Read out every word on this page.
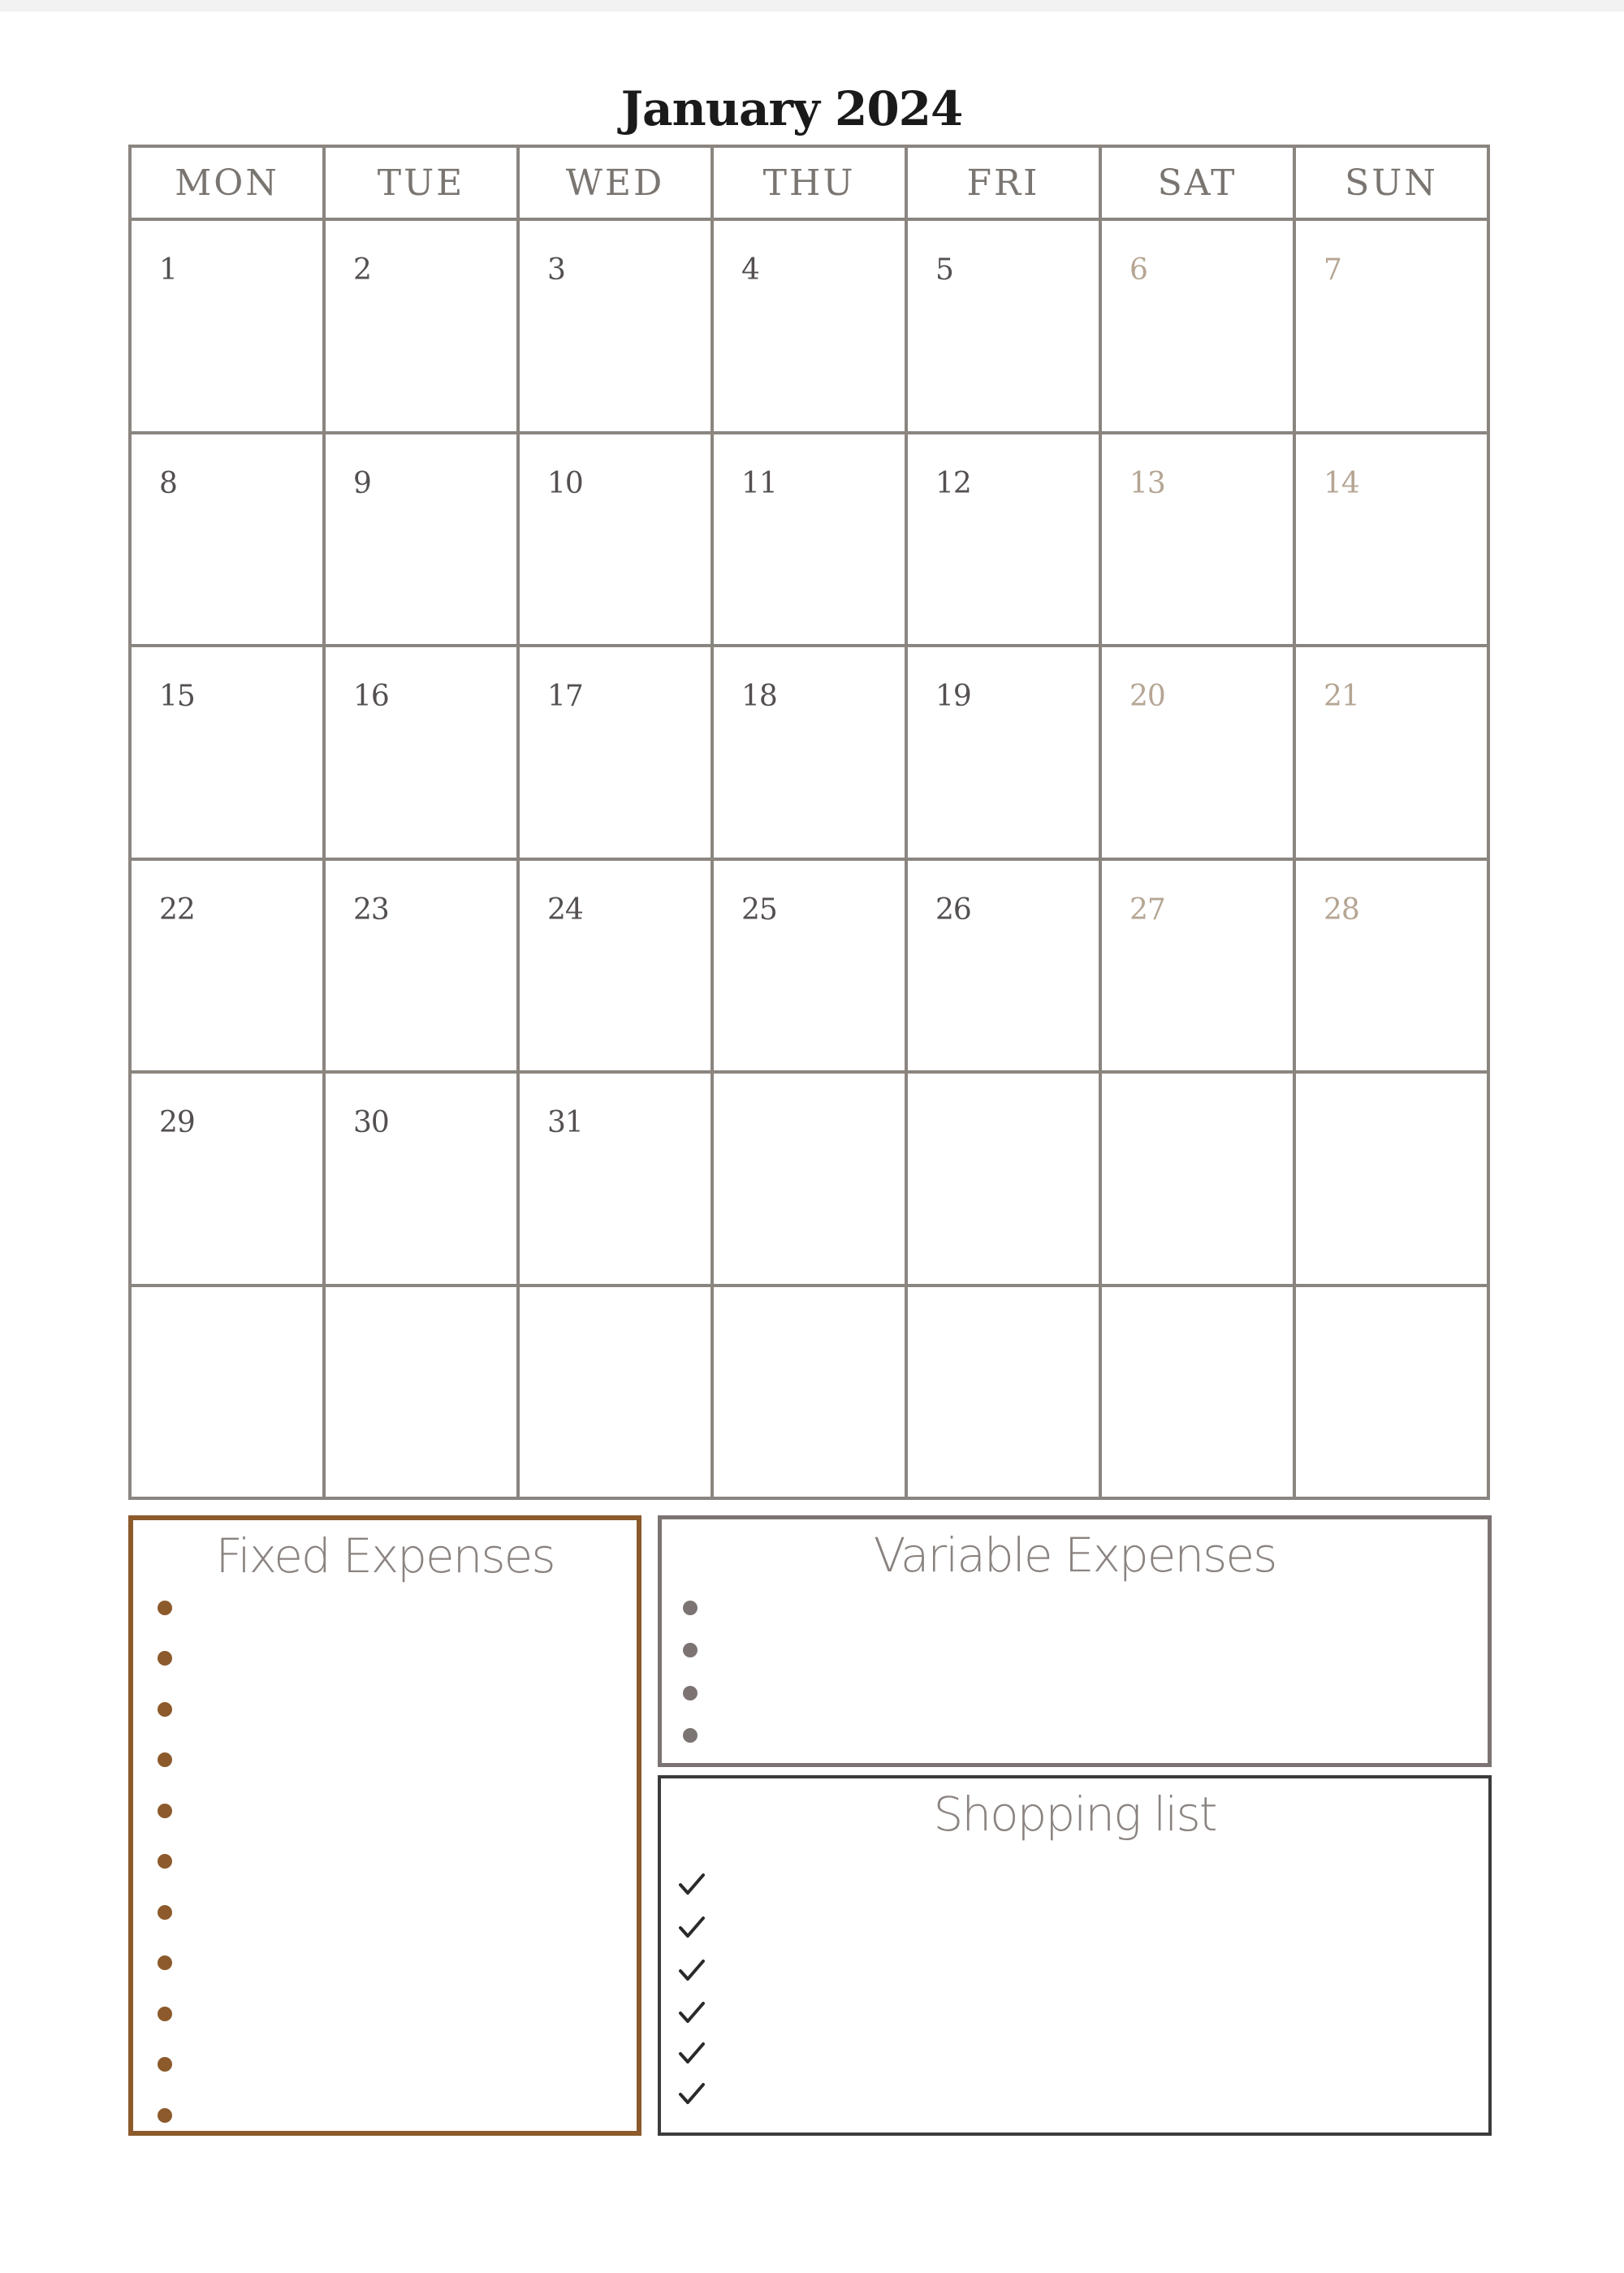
January 2024
MON	TUE	WED	THU	FRI	SAT	SUN

1	2	3	4	5	6	7

8	9	10	11	12	13	14

15	16	17	18	19	20	21

22	23	24	25	26	27	28

29	30	31				

Fixed Expenses	Variable Expenses
Shopping list
